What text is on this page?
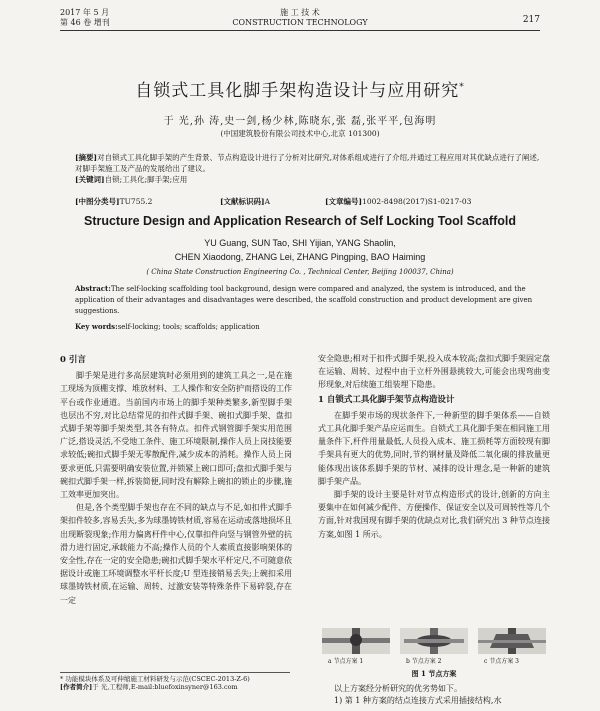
2017 年 5 月
第 46 卷 增刊
施 工 技 术
CONSTRUCTION TECHNOLOGY	217
自锁式工具化脚手架构造设计与应用研究*
于 光,孙 涛,史一剑,杨少林,陈晓东,张 磊,张平平,包海明
(中国建筑股份有限公司技术中心,北京 101300)
[摘要]对自锁式工具化脚手架的产生背景、节点构造设计进行了分析对比研究,对体系组成进行了介绍,并通过工程应用对其优缺点进行了阐述,对脚手架施工及产品的发展给出了建议。
[关键词]自锁;工具化;脚手架;应用
[中图分类号]TU755.2	[文献标识码]A	[文章编号]1002-8498(2017)S1-0217-03
Structure Design and Application Research of Self Locking Tool Scaffold
YU Guang, SUN Tao, SHI Yijian, YANG Shaolin,
CHEN Xiaodong, ZHANG Lei, ZHANG Pingping, BAO Haiming
( China State Construction Engineering Co. , Technical Center, Beijing 100037, China)
Abstract:The self-locking scaffolding tool background, design were compared and analyzed, the system is introduced, and the application of their advantages and disadvantages were described, the scaffold construction and product development are given suggestions.
Key words:self-locking; tools; scaffolds; application
0 引言

脚手架是进行多高层建筑时必须用到的建筑工具之一,是在施工现场为顶棚支撑、堆放材料、工人操作和安全防护而搭设的工作平台或作业通道。当前国内市场上的脚手架种类繁多,新型脚手架也层出不穷,对比总结常见的扣件式脚手架、碗扣式脚手架、盘扣式脚手架等脚手架类型,其各有特点。扣件式钢管脚手架实用范围广泛,搭设灵活,不受地工条件、施工环境限制,操作人员上岗技能要求较低;碗扣式脚手架无零散配件,减少成本的消耗。操作人员上岗要求更低,只需要明确安装位置,并锁紧上碗口即可;盘扣式脚手架与碗扣式脚手架一样,拆装简便,同时没有解除上碗扣的锁止的步骤,施工效率更加突出。

但是,各个类型脚手架也存在不同的缺点与不足,如扣件式脚手架扣件较多,容易丢失,多为球墨铸铁材质,容易在运动或落地损坏且出现断裂现象;作用力偏离杆件中心,仅靠扣件向竖与钢管外壁的抗滑力进行固定,承载能力不高;操作人员的个人素质直接影响架体的安全性,存在一定的安全隐患;碗扣式脚手架水平杆定尺,不可随意依据设计或施工环境调整水平杆长度;U 型连接销易丢失;上碗扣采用球墨铸铁材质,在运输、周转、过激安装等特殊条件下易碎裂,存在一定

安全隐患;相对于扣件式脚手架,投入成本较高;盘扣式脚手架固定盘在运输、周转、过程中由于立杆外围悬挑较大,可能会出现弯曲变形现象,对后续施工组装埋下隐患。

1 自锁式工具化脚手架节点构造设计

在脚手架市场的现状条件下,一种新型的脚手架体系——自锁式工具化脚手架产品应运而生。自锁式工具化脚手架在相同施工用量条件下,杆件用量最低,人员投入成本、施工损耗等方面较现有脚手架具有更大的优势,同时,节约钢材量及降低二氧化碳的排放量更能体现出该体系脚手架的节材、减排的设计理念,是一种新的建筑脚手架产品。

脚手架的设计主要是针对节点构造形式的设计,创新的方向主要集中在如何减少配件、方便操作、保证安全以及可周转性等几个方面,针对我国现有脚手架的优缺点对比,我们研究出 3 种节点连接方案,如图 1 所示。

a 节点方案 1	b 节点方案 2	c 节点方案 3
图 1 节点方案
以上方案经分析研究的优劣势如下。
1) 第 1 种方案的结点连接方式采用插接结构,水
* 功能模块体系及可伸缩施工材料研发与示范(CSCEC-2013-Z-6)
[作者简介]于 光,工程师,E-mail:bluefoxinsyner@163.com
